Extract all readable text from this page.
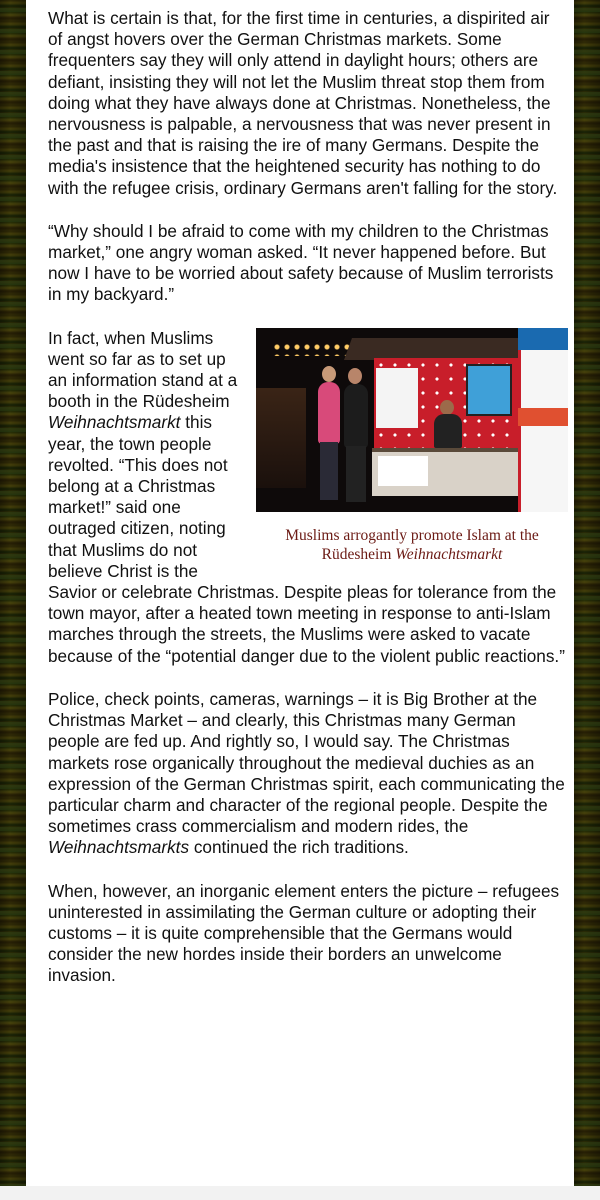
What is certain is that, for the first time in centuries, a dispirited air of angst hovers over the German Christmas markets. Some frequenters say they will only attend in daylight hours; others are defiant, insisting they will not let the Muslim threat stop them from doing what they have always done at Christmas. Nonetheless, the nervousness is palpable, a nervousness that was never present in the past and that is raising the ire of many Germans. Despite the media's insistence that the heightened security has nothing to do with the refugee crisis, ordinary Germans aren't falling for the story.

“Why should I be afraid to come with my children to the Christmas market,” one angry woman asked. “It never happened before. But now I have to be worried about safety because of Muslim terrorists in my backyard.”

Muslims arrogantly promote Islam at the Rüdesheim Weihnachtsmarkt

In fact, when Muslims went so far as to set up an information stand at a booth in the Rüdesheim Weihnachtsmarkt this year, the town people revolted. “This does not belong at a Christmas market!” said one outraged citizen, noting that Muslims do not believe Christ is the Savior or celebrate Christmas. Despite pleas for tolerance from the town mayor, after a heated town meeting in response to anti-Islam marches through the streets, the Muslims were asked to vacate because of the “potential danger due to the violent public reactions.”

Police, check points, cameras, warnings – it is Big Brother at the Christmas Market – and clearly, this Christmas many German people are fed up. And rightly so, I would say. The Christmas markets rose organically throughout the medieval duchies as an expression of the German Christmas spirit, each communicating the particular charm and character of the regional people. Despite the sometimes crass commercialism and modern rides, the Weihnachtsmarkts continued the rich traditions.

When, however, an inorganic element enters the picture – refugees uninterested in assimilating the German culture or adopting their customs – it is quite comprehensible that the Germans would consider the new hordes inside their borders an unwelcome invasion.
